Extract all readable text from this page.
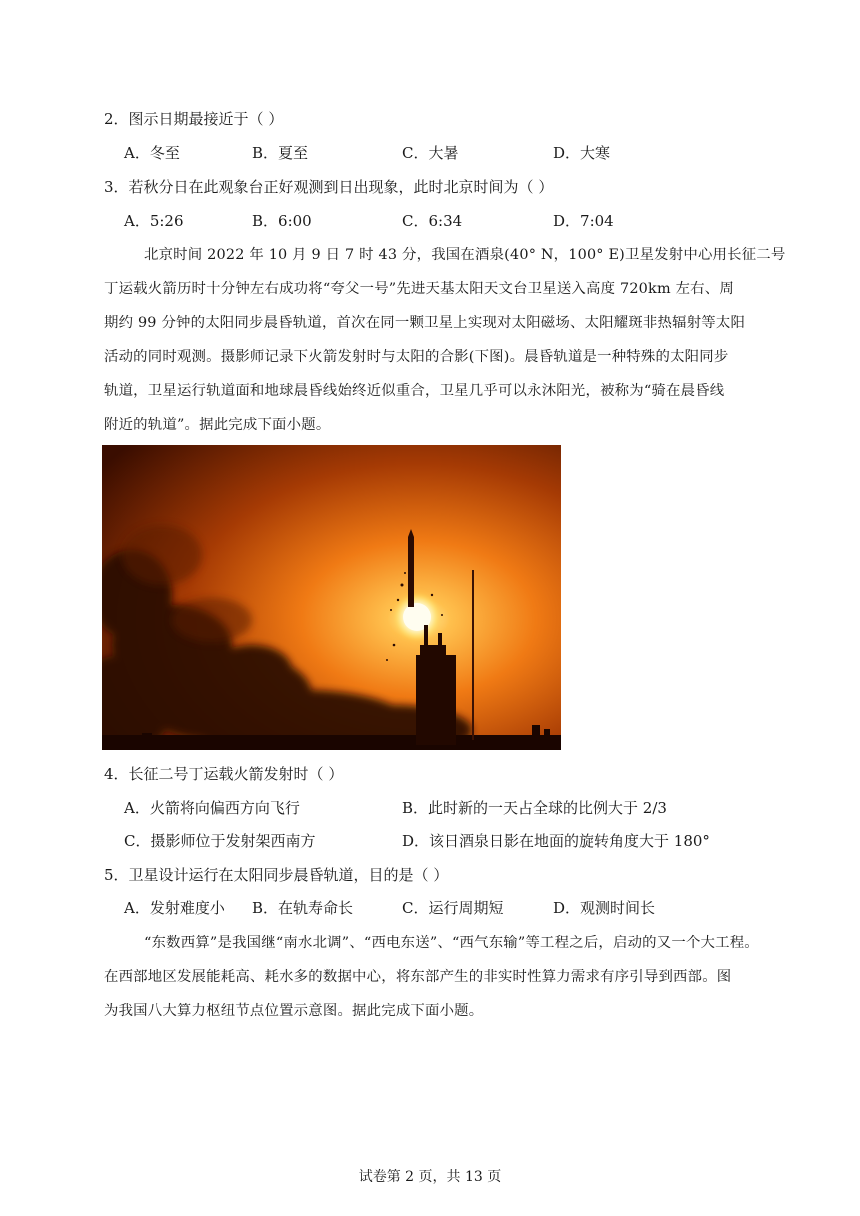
2．图示日期最接近于（ ）
A．冬至	B．夏至	C．大暑	D．大寒
3．若秋分日在此观象台正好观测到日出现象，此时北京时间为（ ）
A．5:26	B．6:00	C．6:34	D．7:04
北京时间 2022 年 10 月 9 日 7 时 43 分，我国在酒泉(40° N，100° E)卫星发射中心用长征二号
丁运载火箭历时十分钟左右成功将“夸父一号”先进天基太阳天文台卫星送入高度 720km 左右、周
期约 99 分钟的太阳同步晨昏轨道，首次在同一颗卫星上实现对太阳磁场、太阳耀斑非热辐射等太阳
活动的同时观测。摄影师记录下火箭发射时与太阳的合影(下图)。晨昏轨道是一种特殊的太阳同步
轨道，卫星运行轨道面和地球晨昏线始终近似重合，卫星几乎可以永沐阳光，被称为“骑在晨昏线
附近的轨道”。据此完成下面小题。
4．长征二号丁运载火箭发射时（ ）
A．火箭将向偏西方向飞行	B．此时新的一天占全球的比例大于 2/3
C．摄影师位于发射架西南方	D．该日酒泉日影在地面的旋转角度大于 180°
5．卫星设计运行在太阳同步晨昏轨道，目的是（ ）
A．发射难度小 B．在轨寿命长	C．运行周期短	D．观测时间长
“东数西算”是我国继“南水北调”、“西电东送”、“西气东输”等工程之后，启动的又一个大工程。
在西部地区发展能耗高、耗水多的数据中心，将东部产生的非实时性算力需求有序引导到西部。图
为我国八大算力枢纽节点位置示意图。据此完成下面小题。
试卷第 2 页，共 13 页
